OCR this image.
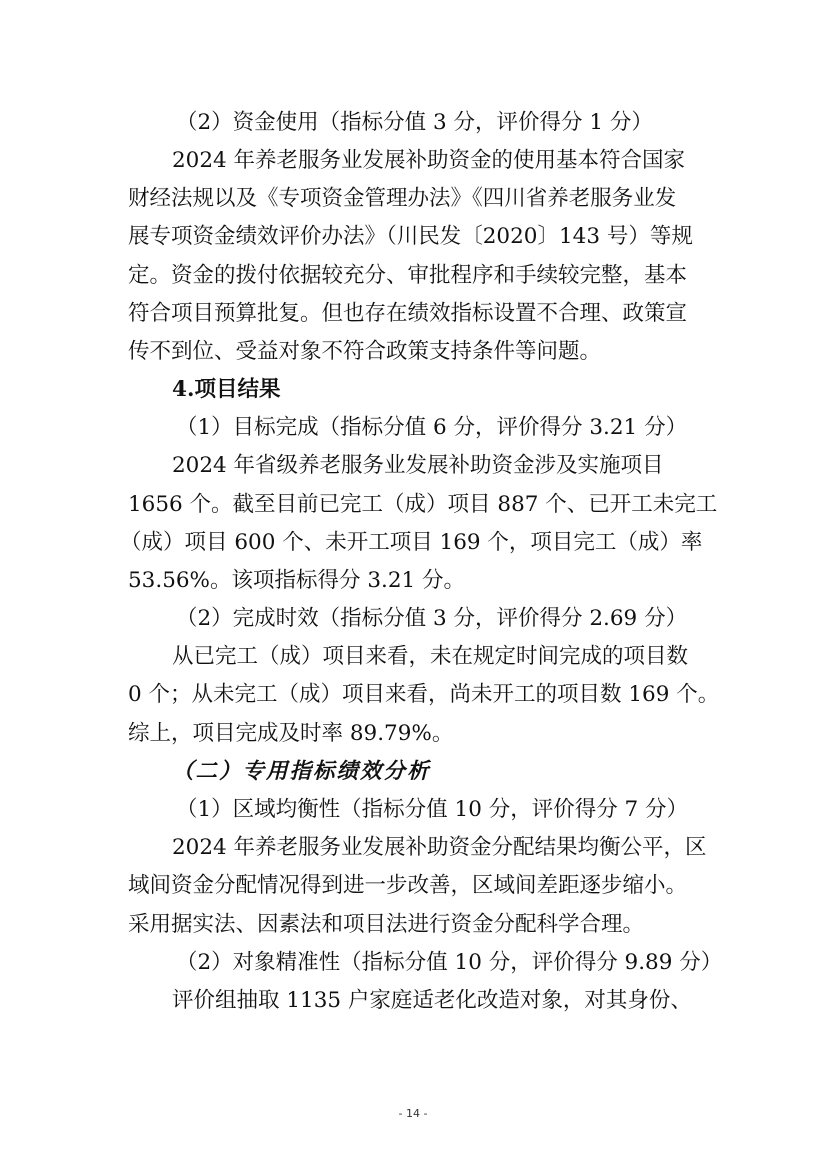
（2）资金使用（指标分值 3 分，评价得分 1 分）

2024 年养老服务业发展补助资金的使用基本符合国家

财经法规以及《专项资金管理办法》《四川省养老服务业发

展专项资金绩效评价办法》（川民发〔2020〕143 号）等规

定。资金的拨付依据较充分、审批程序和手续较完整，基本

符合项目预算批复。但也存在绩效指标设置不合理、政策宣

传不到位、受益对象不符合政策支持条件等问题。

4.项目结果

（1）目标完成（指标分值 6 分，评价得分 3.21 分）

2024 年省级养老服务业发展补助资金涉及实施项目

1656 个。截至目前已完工（成）项目 887 个、已开工未完工

（成）项目 600 个、未开工项目 169 个，项目完工（成）率

53.56%。该项指标得分 3.21 分。

（2）完成时效（指标分值 3 分，评价得分 2.69 分）

从已完工（成）项目来看，未在规定时间完成的项目数

0 个；从未完工（成）项目来看，尚未开工的项目数 169 个。

综上，项目完成及时率 89.79%。

（二）专用指标绩效分析

（1）区域均衡性（指标分值 10 分，评价得分 7 分）

2024 年养老服务业发展补助资金分配结果均衡公平，区

域间资金分配情况得到进一步改善，区域间差距逐步缩小。

采用据实法、因素法和项目法进行资金分配科学合理。

（2）对象精准性（指标分值 10 分，评价得分 9.89 分）

评价组抽取 1135 户家庭适老化改造对象，对其身份、

- 14 -
